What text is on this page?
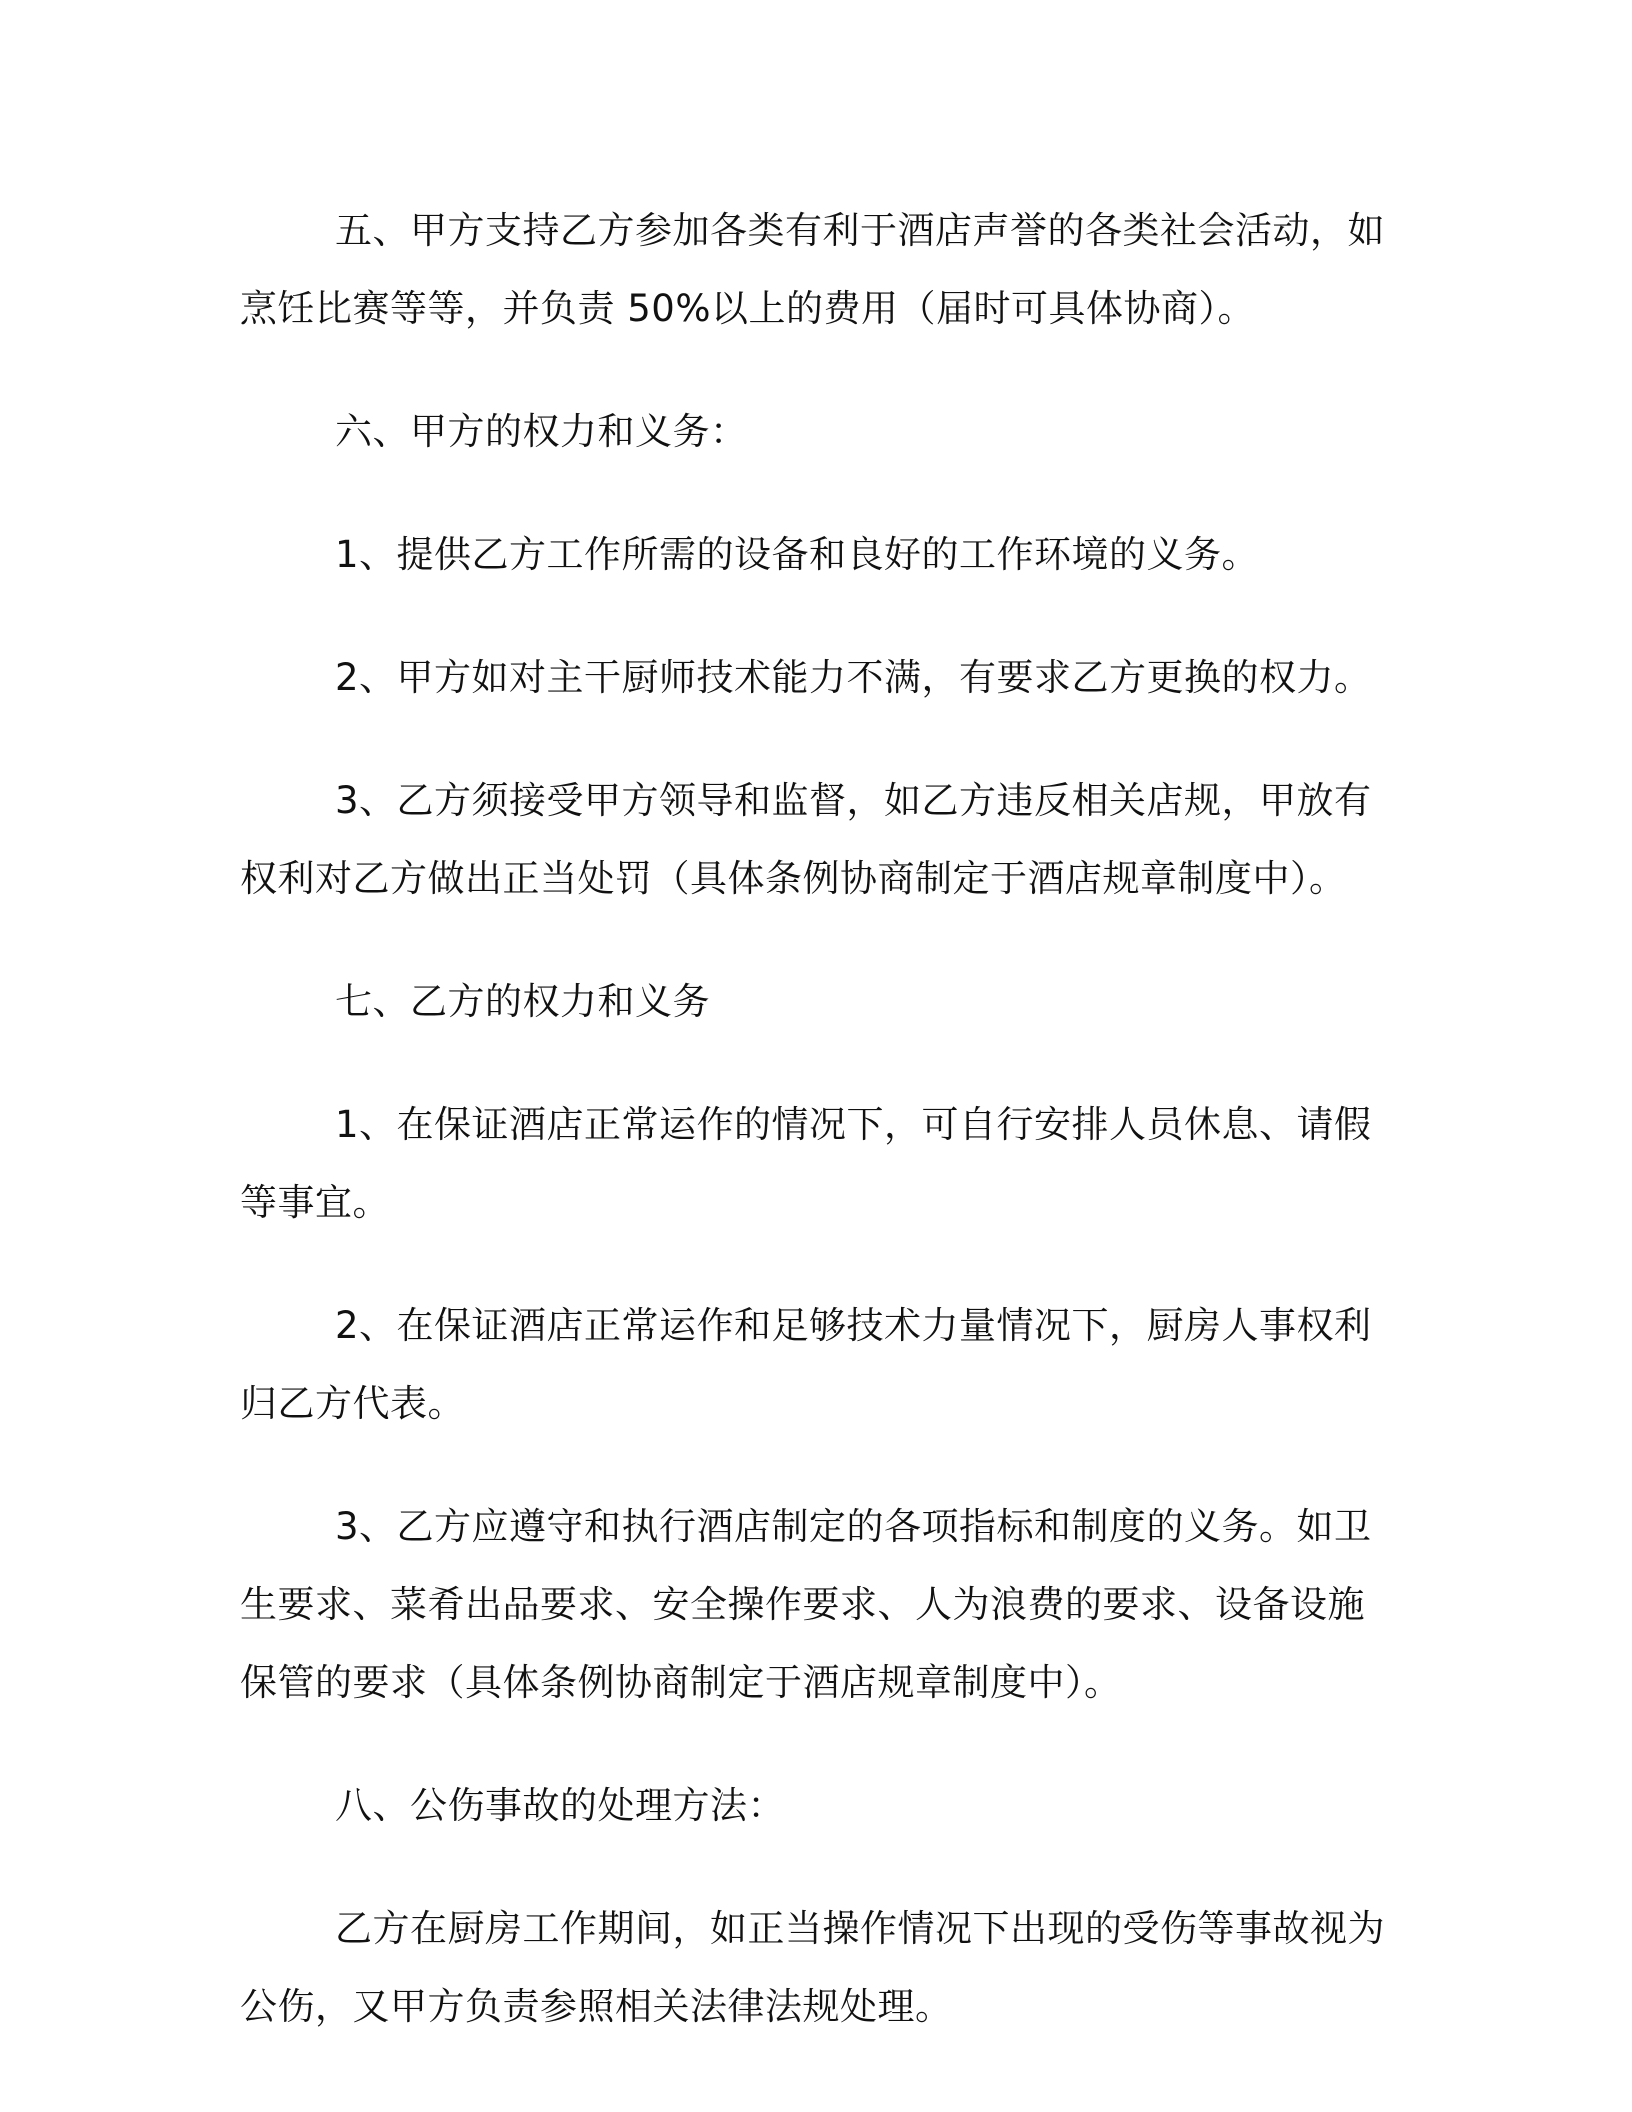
五、甲方支持乙方参加各类有利于酒店声誉的各类社会活动，如
烹饪比赛等等，并负责 50%以上的费用（届时可具体协商）。

六、甲方的权力和义务：

1、提供乙方工作所需的设备和良好的工作环境的义务。

2、甲方如对主干厨师技术能力不满，有要求乙方更换的权力。

3、乙方须接受甲方领导和监督，如乙方违反相关店规，甲放有
权利对乙方做出正当处罚（具体条例协商制定于酒店规章制度中）。

七、乙方的权力和义务

1、在保证酒店正常运作的情况下，可自行安排人员休息、请假
等事宜。

2、在保证酒店正常运作和足够技术力量情况下，厨房人事权利
归乙方代表。

3、乙方应遵守和执行酒店制定的各项指标和制度的义务。如卫
生要求、菜肴出品要求、安全操作要求、人为浪费的要求、设备设施
保管的要求（具体条例协商制定于酒店规章制度中）。

八、公伤事故的处理方法：

乙方在厨房工作期间，如正当操作情况下出现的受伤等事故视为
公伤，又甲方负责参照相关法律法规处理。
